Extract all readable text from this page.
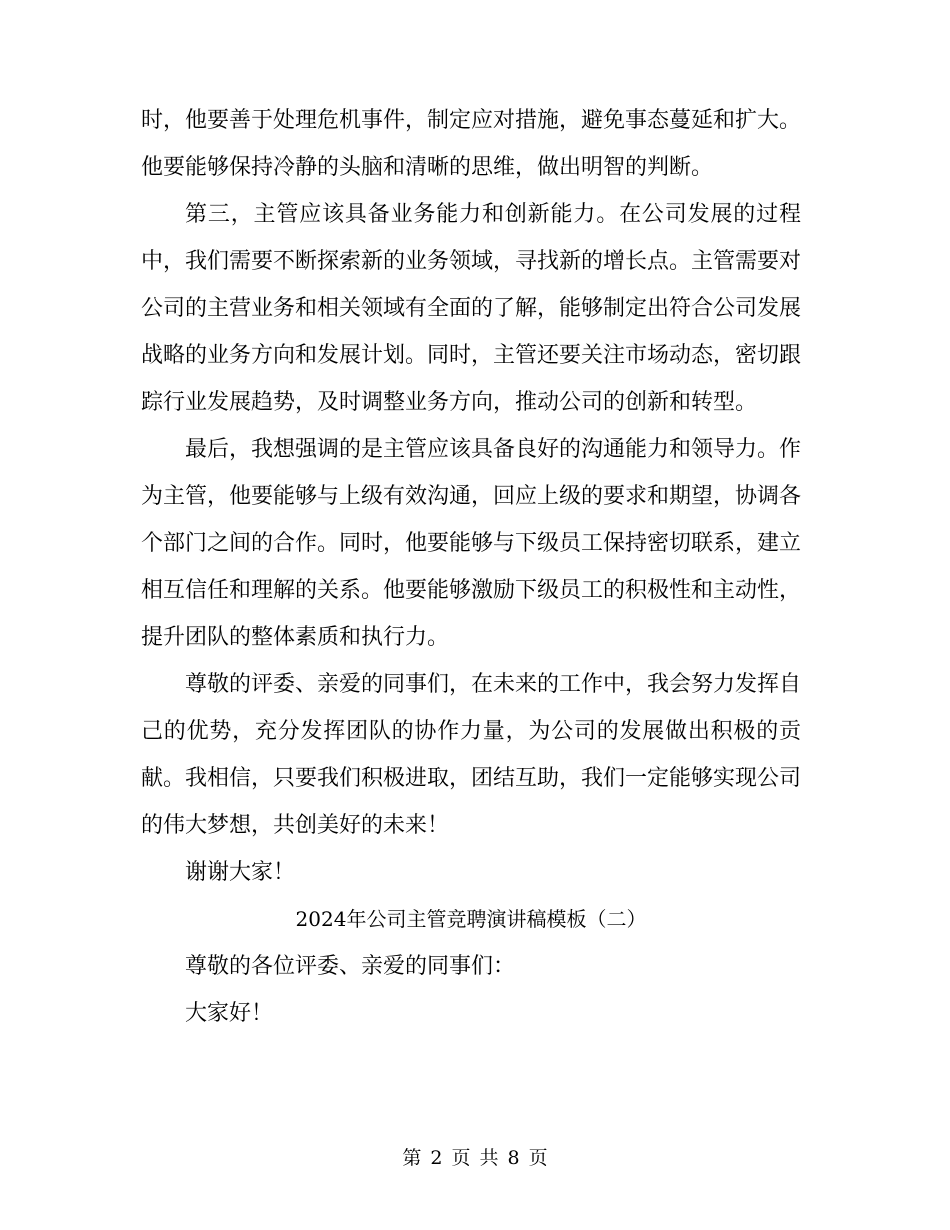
时，他要善于处理危机事件，制定应对措施，避免事态蔓延和扩大。他要能够保持冷静的头脑和清晰的思维，做出明智的判断。

第三，主管应该具备业务能力和创新能力。在公司发展的过程中，我们需要不断探索新的业务领域，寻找新的增长点。主管需要对公司的主营业务和相关领域有全面的了解，能够制定出符合公司发展战略的业务方向和发展计划。同时，主管还要关注市场动态，密切跟踪行业发展趋势，及时调整业务方向，推动公司的创新和转型。

最后，我想强调的是主管应该具备良好的沟通能力和领导力。作为主管，他要能够与上级有效沟通，回应上级的要求和期望，协调各个部门之间的合作。同时，他要能够与下级员工保持密切联系，建立相互信任和理解的关系。他要能够激励下级员工的积极性和主动性，提升团队的整体素质和执行力。

尊敬的评委、亲爱的同事们，在未来的工作中，我会努力发挥自己的优势，充分发挥团队的协作力量，为公司的发展做出积极的贡献。我相信，只要我们积极进取，团结互助，我们一定能够实现公司的伟大梦想，共创美好的未来！

谢谢大家！

2024年公司主管竞聘演讲稿模板（二）

尊敬的各位评委、亲爱的同事们：

大家好！

第 2 页 共 8 页
